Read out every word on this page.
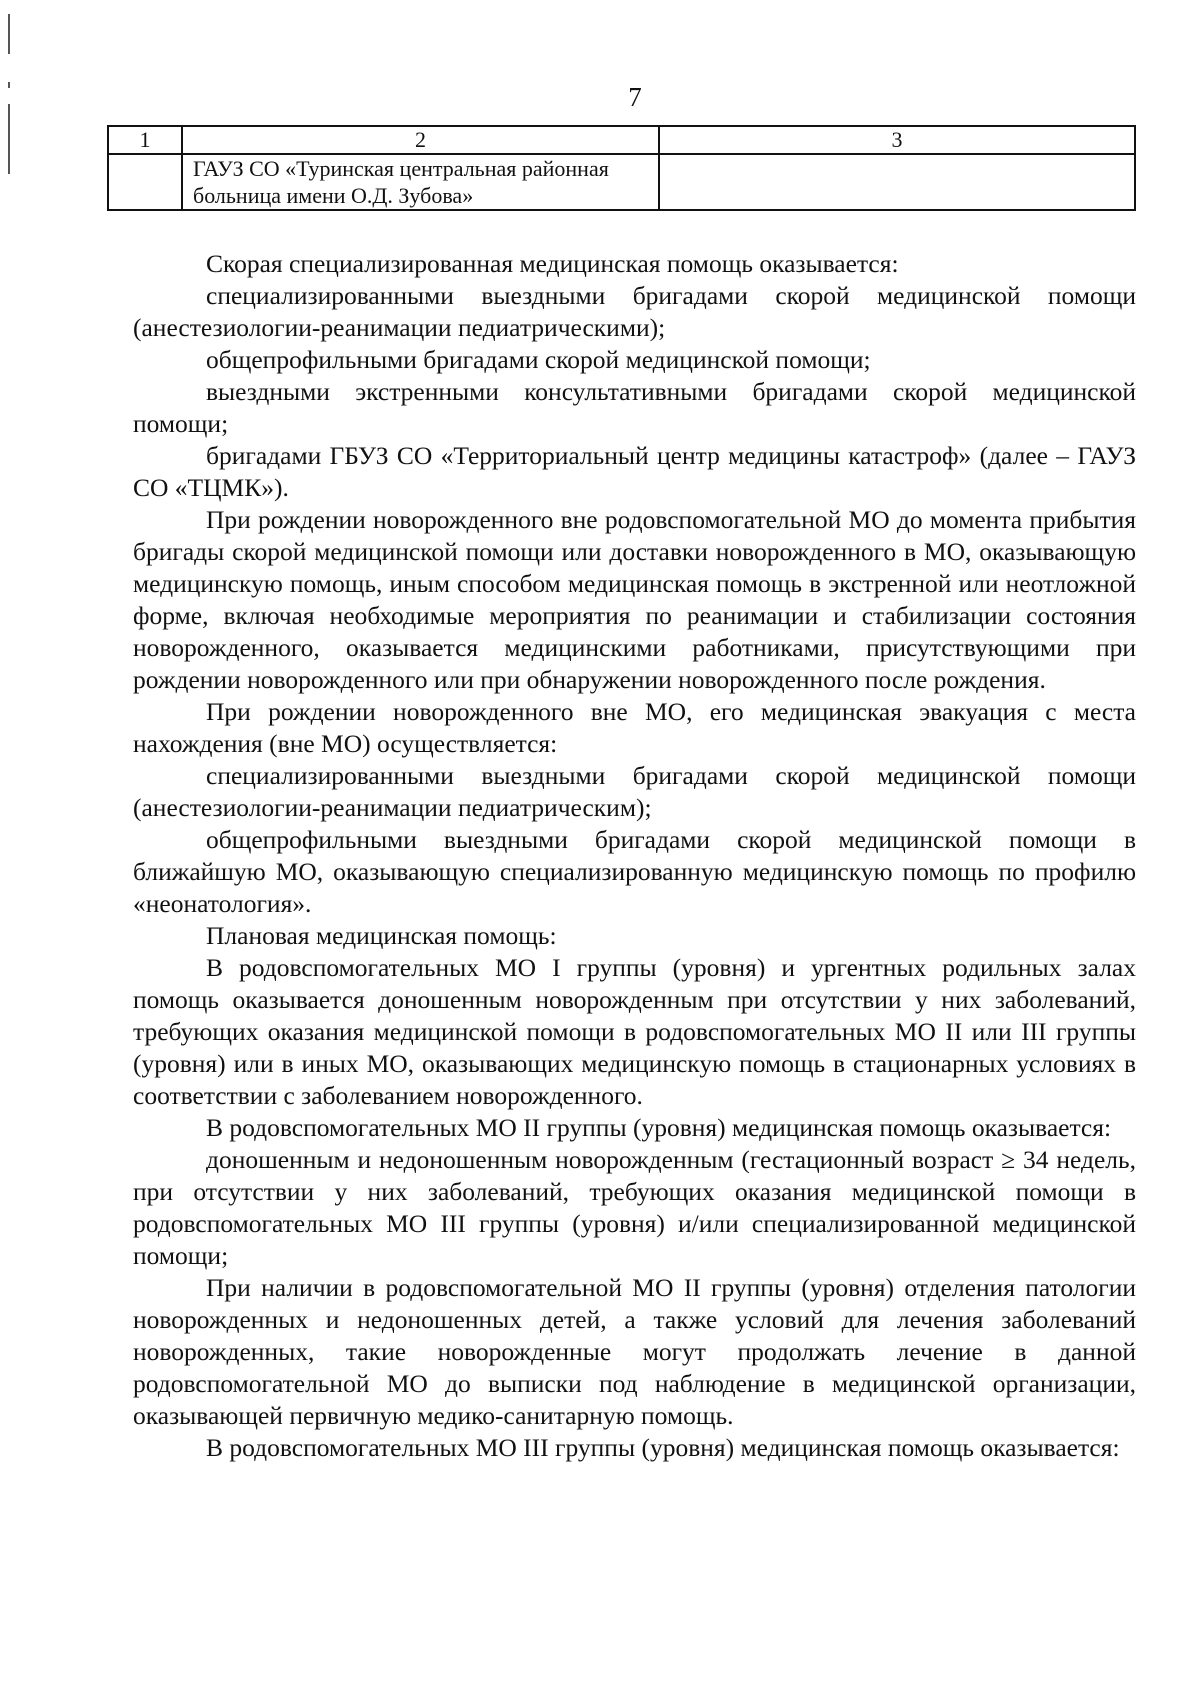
7
1	2	3
	ГАУЗ СО «Туринская центральная районная больница имени О.Д. Зубова»	

Скорая специализированная медицинская помощь оказывается:

специализированными выездными бригадами скорой медицинской помощи (анестезиологии-реанимации педиатрическими);

общепрофильными бригадами скорой медицинской помощи;

выездными экстренными консультативными бригадами скорой медицинской помощи;

бригадами ГБУЗ СО «Территориальный центр медицины катастроф» (далее – ГАУЗ СО «ТЦМК»).

При рождении новорожденного вне родовспомогательной МО до момента прибытия бригады скорой медицинской помощи или доставки новорожденного в МО, оказывающую медицинскую помощь, иным способом медицинская помощь в экстренной или неотложной форме, включая необходимые мероприятия по реанимации и стабилизации состояния новорожденного, оказывается медицинскими работниками, присутствующими при рождении новорожденного или при обнаружении новорожденного после рождения.

При рождении новорожденного вне МО, его медицинская эвакуация с места нахождения (вне МО) осуществляется:

специализированными выездными бригадами скорой медицинской помощи (анестезиологии-реанимации педиатрическим);

общепрофильными выездными бригадами скорой медицинской помощи в ближайшую МО, оказывающую специализированную медицинскую помощь по профилю «неонатология».

Плановая медицинская помощь:

В родовспомогательных МО I группы (уровня) и ургентных родильных залах помощь оказывается доношенным новорожденным при отсутствии у них заболеваний, требующих оказания медицинской помощи в родовспомогательных МО II или III группы (уровня) или в иных МО, оказывающих медицинскую помощь в стационарных условиях в соответствии с заболеванием новорожденного.

В родовспомогательных МО II группы (уровня) медицинская помощь оказывается:

доношенным и недоношенным новорожденным (гестационный возраст ≥ 34 недель, при отсутствии у них заболеваний, требующих оказания медицинской помощи в родовспомогательных МО III группы (уровня) и/или специализированной медицинской помощи;

При наличии в родовспомогательной МО II группы (уровня) отделения патологии новорожденных и недоношенных детей, а также условий для лечения заболеваний новорожденных, такие новорожденные могут продолжать лечение в данной родовспомогательной МО до выписки под наблюдение в медицинской организации, оказывающей первичную медико-санитарную помощь.

В родовспомогательных МО III группы (уровня) медицинская помощь оказывается:
